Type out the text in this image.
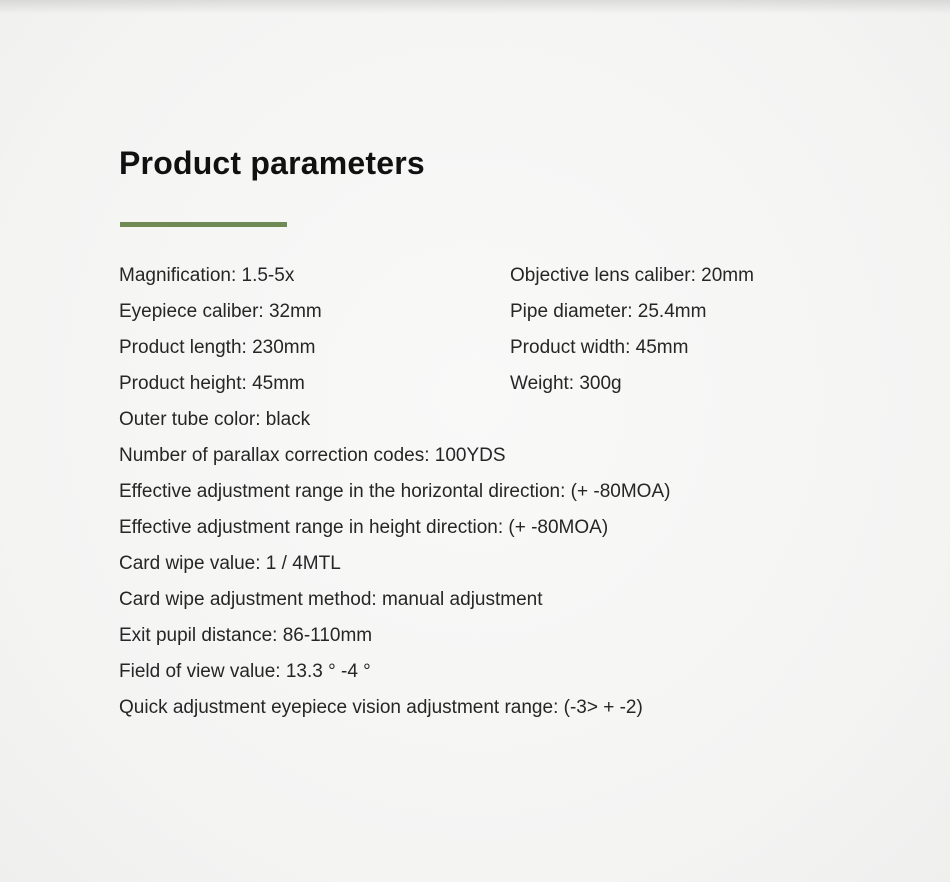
Product parameters
Magnification: 1.5-5x	Objective lens caliber: 20mm
Eyepiece caliber: 32mm	Pipe diameter: 25.4mm
Product length: 230mm	Product width: 45mm
Product height: 45mm	Weight: 300g
Outer tube color: black
Number of parallax correction codes: 100YDS
Effective adjustment range in the horizontal direction: (+ -80MOA)
Effective adjustment range in height direction: (+ -80MOA)
Card wipe value: 1 / 4MTL
Card wipe adjustment method: manual adjustment
Exit pupil distance: 86-110mm
Field of view value: 13.3 ° -4 °
Quick adjustment eyepiece vision adjustment range: (-3> + -2)
